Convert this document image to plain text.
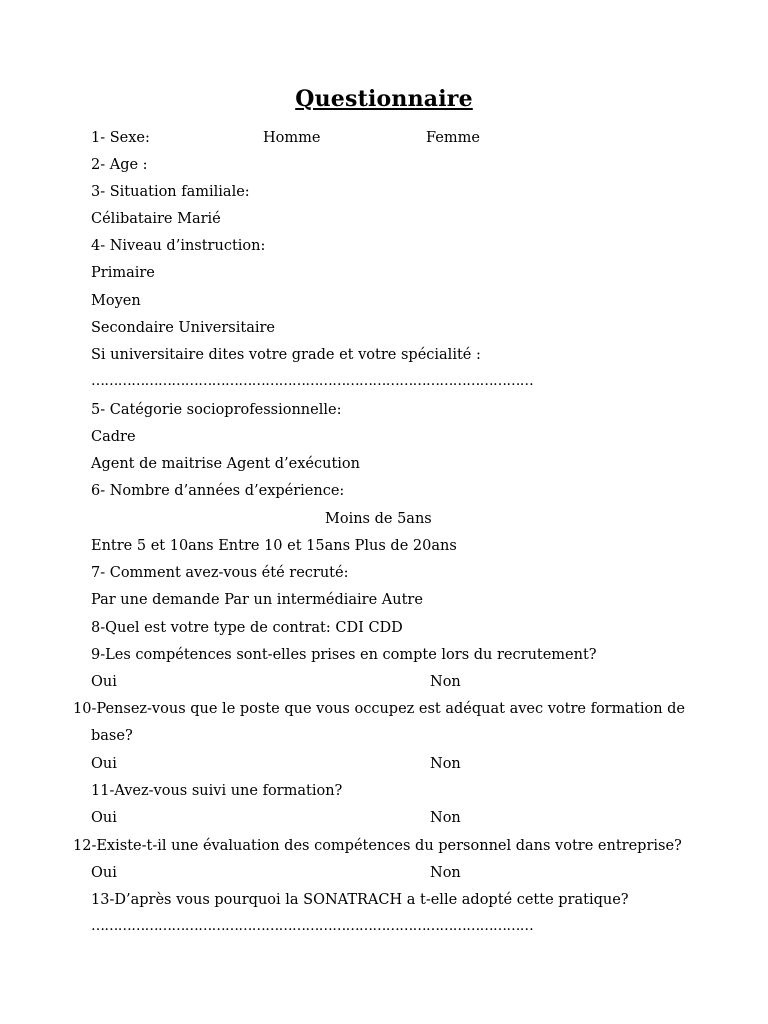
Questionnaire
1- Sexe:	Homme	Femme
2- Age :
3- Situation familiale:
Célibataire Marié
4- Niveau d’instruction:
Primaire
Moyen
Secondaire Universitaire
Si universitaire dites votre grade et votre spécialité :
………………………………………………………………………………………
5- Catégorie socioprofessionnelle:
Cadre
Agent de maitrise Agent d’exécution
6- Nombre d’années d’expérience:
Moins de 5ans
Entre 5 et 10ans Entre 10 et 15ans Plus de 20ans
7- Comment avez-vous été recruté:
Par une demande Par un intermédiaire Autre
8-Quel est votre type de contrat: CDI CDD
9-Les compétences sont-elles prises en compte lors du recrutement?
Oui	Non
10-Pensez-vous que le poste que vous occupez est adéquat avec votre formation de
base?
Oui	Non
11-Avez-vous suivi une formation?
Oui	Non
12-Existe-t-il une évaluation des compétences du personnel dans votre entreprise?
Oui	Non
13-D’après vous pourquoi la SONATRACH a t-elle adopté cette pratique?
………………………………………………………………………………………
